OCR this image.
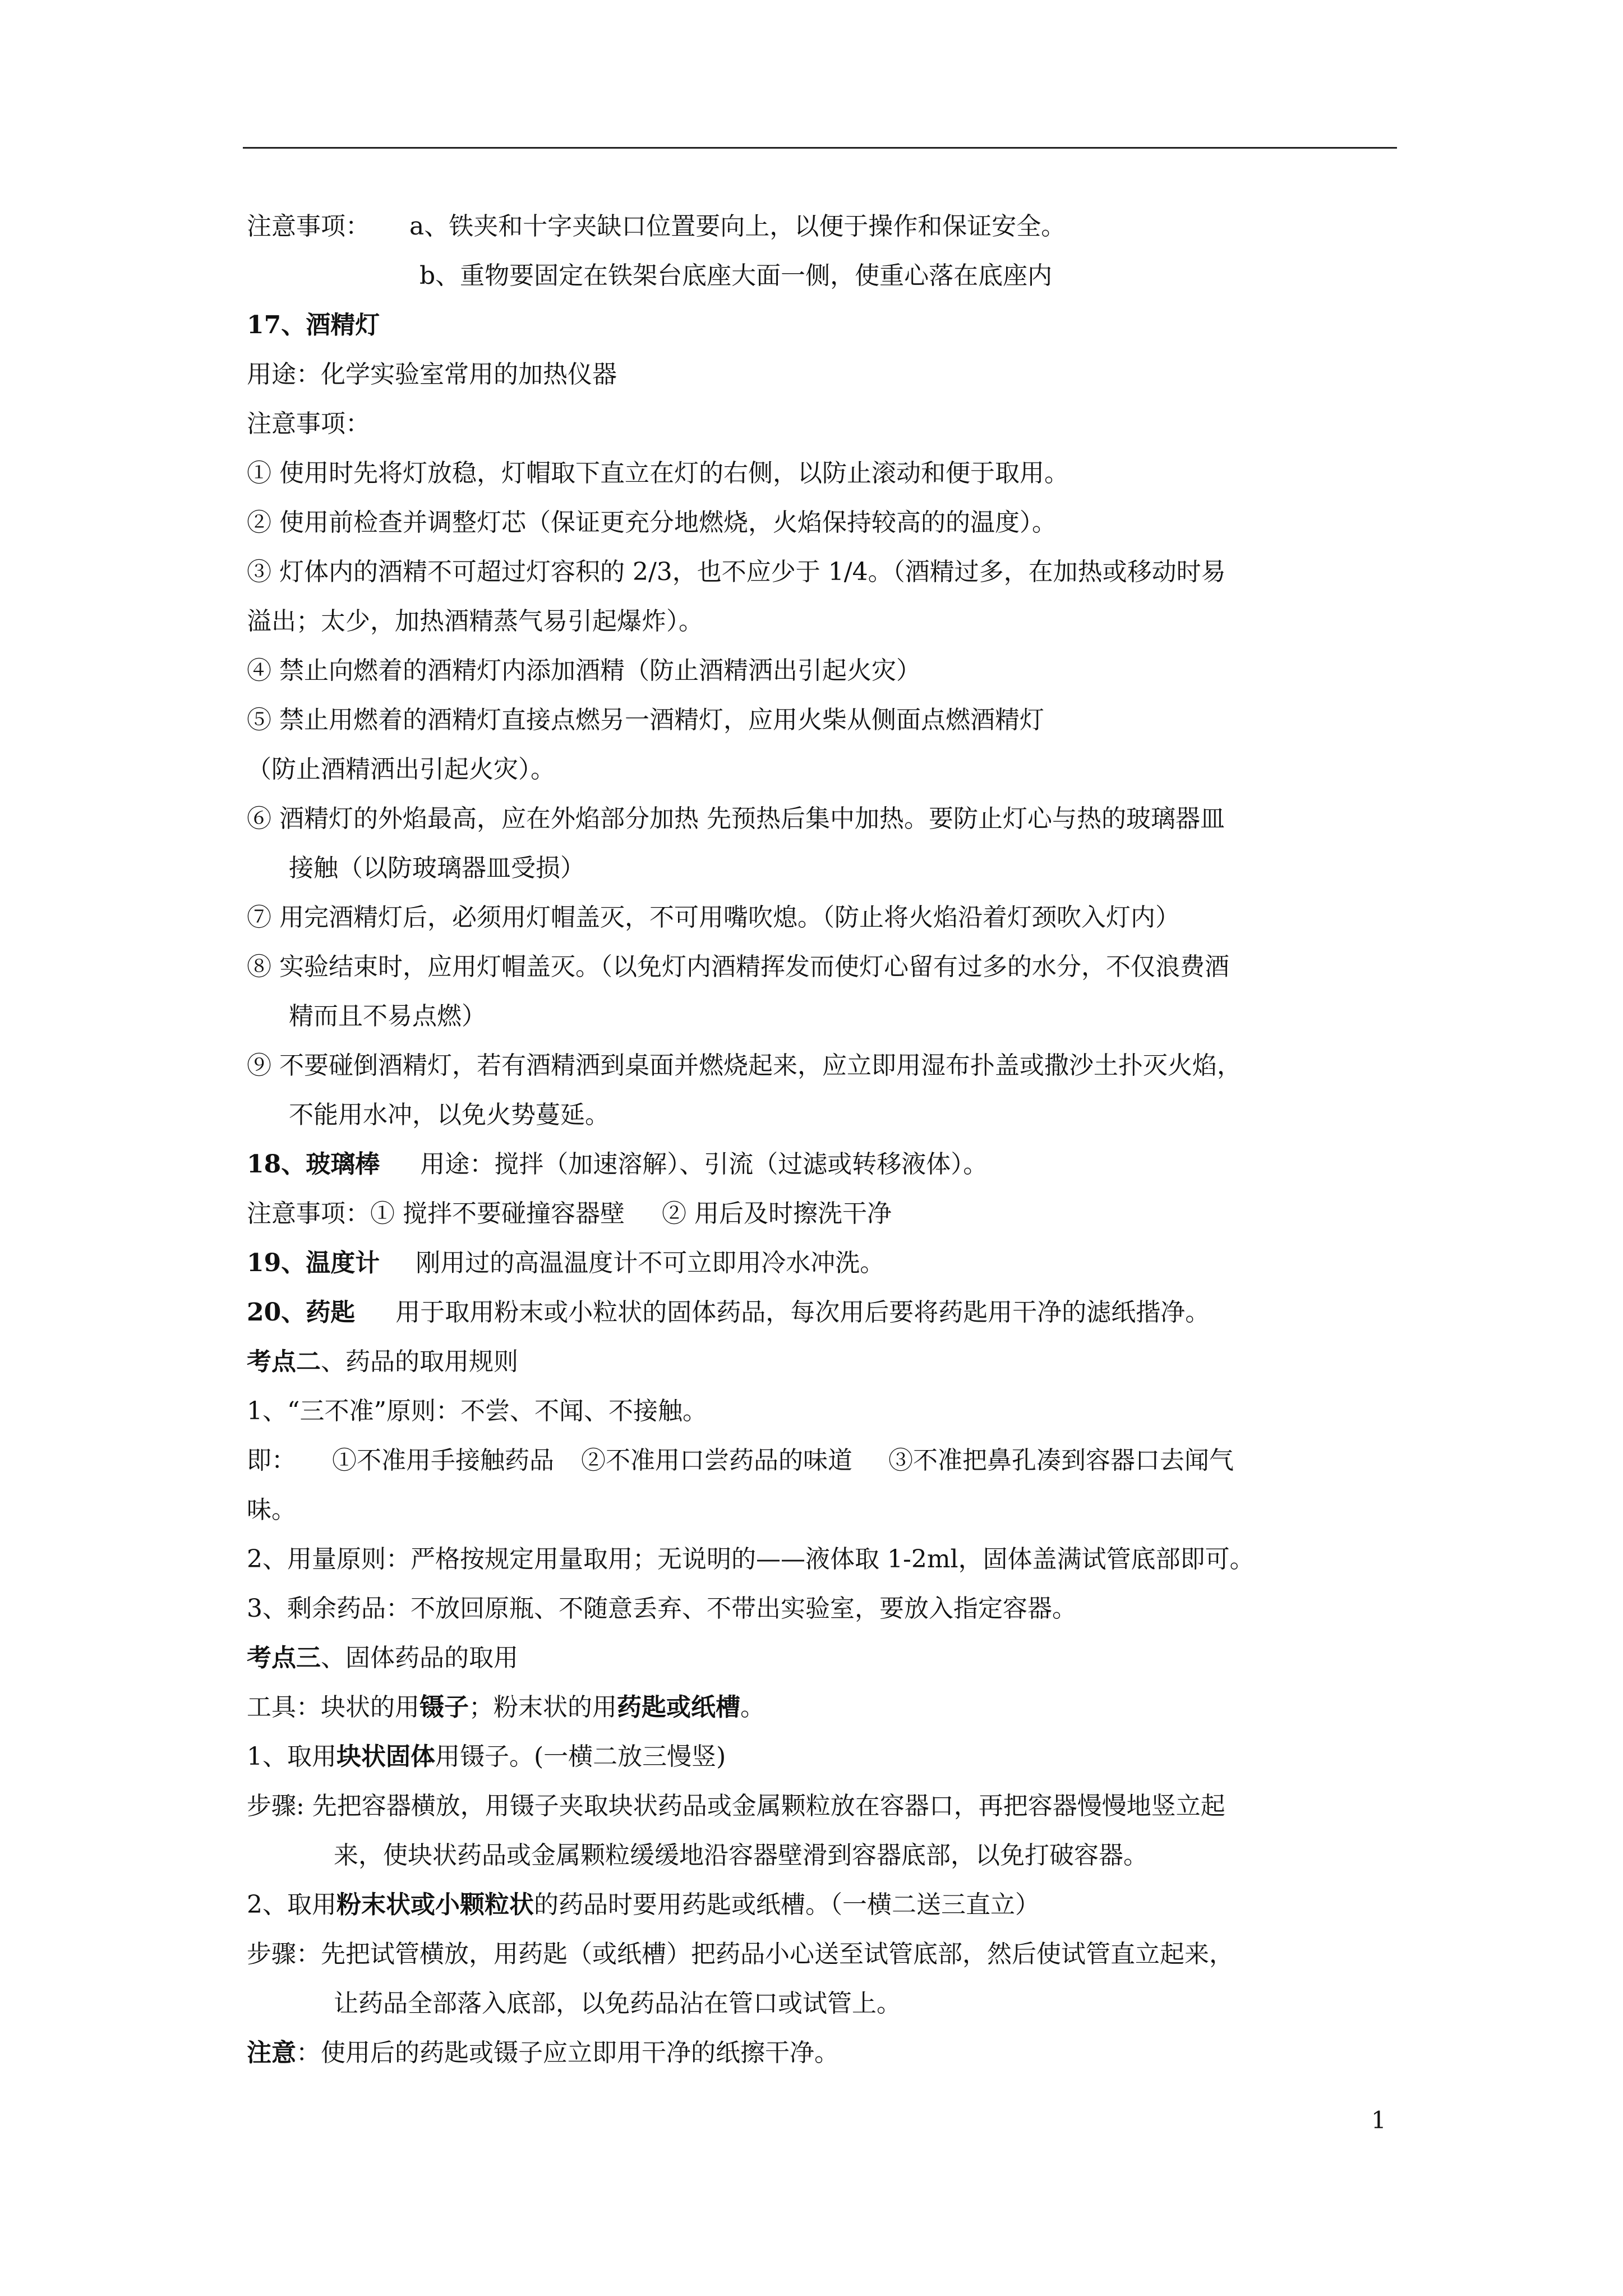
注意事项： a、铁夹和十字夹缺口位置要向上，以便于操作和保证安全。
b、重物要固定在铁架台底座大面一侧，使重心落在底座内
17、酒精灯
用途：化学实验室常用的加热仪器
注意事项：
① 使用时先将灯放稳，灯帽取下直立在灯的右侧，以防止滚动和便于取用。
② 使用前检查并调整灯芯（保证更充分地燃烧，火焰保持较高的的温度）。
③ 灯体内的酒精不可超过灯容积的 2/3，也不应少于 1/4。（酒精过多，在加热或移动时易
溢出；太少，加热酒精蒸气易引起爆炸）。
④ 禁止向燃着的酒精灯内添加酒精（防止酒精洒出引起火灾）
⑤ 禁止用燃着的酒精灯直接点燃另一酒精灯，应用火柴从侧面点燃酒精灯
（防止酒精洒出引起火灾）。
⑥ 酒精灯的外焰最高，应在外焰部分加热 先预热后集中加热。要防止灯心与热的玻璃器皿
接触（以防玻璃器皿受损）
⑦ 用完酒精灯后，必须用灯帽盖灭，不可用嘴吹熄。（防止将火焰沿着灯颈吹入灯内）
⑧ 实验结束时，应用灯帽盖灭。（以免灯内酒精挥发而使灯心留有过多的水分，不仅浪费酒
精而且不易点燃）
⑨ 不要碰倒酒精灯，若有酒精洒到桌面并燃烧起来，应立即用湿布扑盖或撒沙土扑灭火焰，
不能用水冲，以免火势蔓延。
18、玻璃棒 用途：搅拌（加速溶解）、引流（过滤或转移液体）。
注意事项：① 搅拌不要碰撞容器壁 ② 用后及时擦洗干净
19、温度计 刚用过的高温温度计不可立即用冷水冲洗。
20、药匙 用于取用粉末或小粒状的固体药品，每次用后要将药匙用干净的滤纸揩净。
考点二、药品的取用规则
1、“三不准”原则：不尝、不闻、不接触。
即： ①不准用手接触药品 ②不准用口尝药品的味道 ③不准把鼻孔凑到容器口去闻气
味。
2、用量原则：严格按规定用量取用；无说明的——液体取 1-2ml，固体盖满试管底部即可。
3、剩余药品：不放回原瓶、不随意丢弃、不带出实验室，要放入指定容器。
考点三、固体药品的取用
工具：块状的用镊子；粉末状的用药匙或纸槽。
1、取用块状固体用镊子。(一横二放三慢竖)
步骤: 先把容器横放，用镊子夹取块状药品或金属颗粒放在容器口，再把容器慢慢地竖立起
来，使块状药品或金属颗粒缓缓地沿容器壁滑到容器底部，以免打破容器。
2、取用粉末状或小颗粒状的药品时要用药匙或纸槽。（一横二送三直立）
步骤：先把试管横放，用药匙（或纸槽）把药品小心送至试管底部，然后使试管直立起来，
让药品全部落入底部，以免药品沾在管口或试管上。
注意：使用后的药匙或镊子应立即用干净的纸擦干净。
1
